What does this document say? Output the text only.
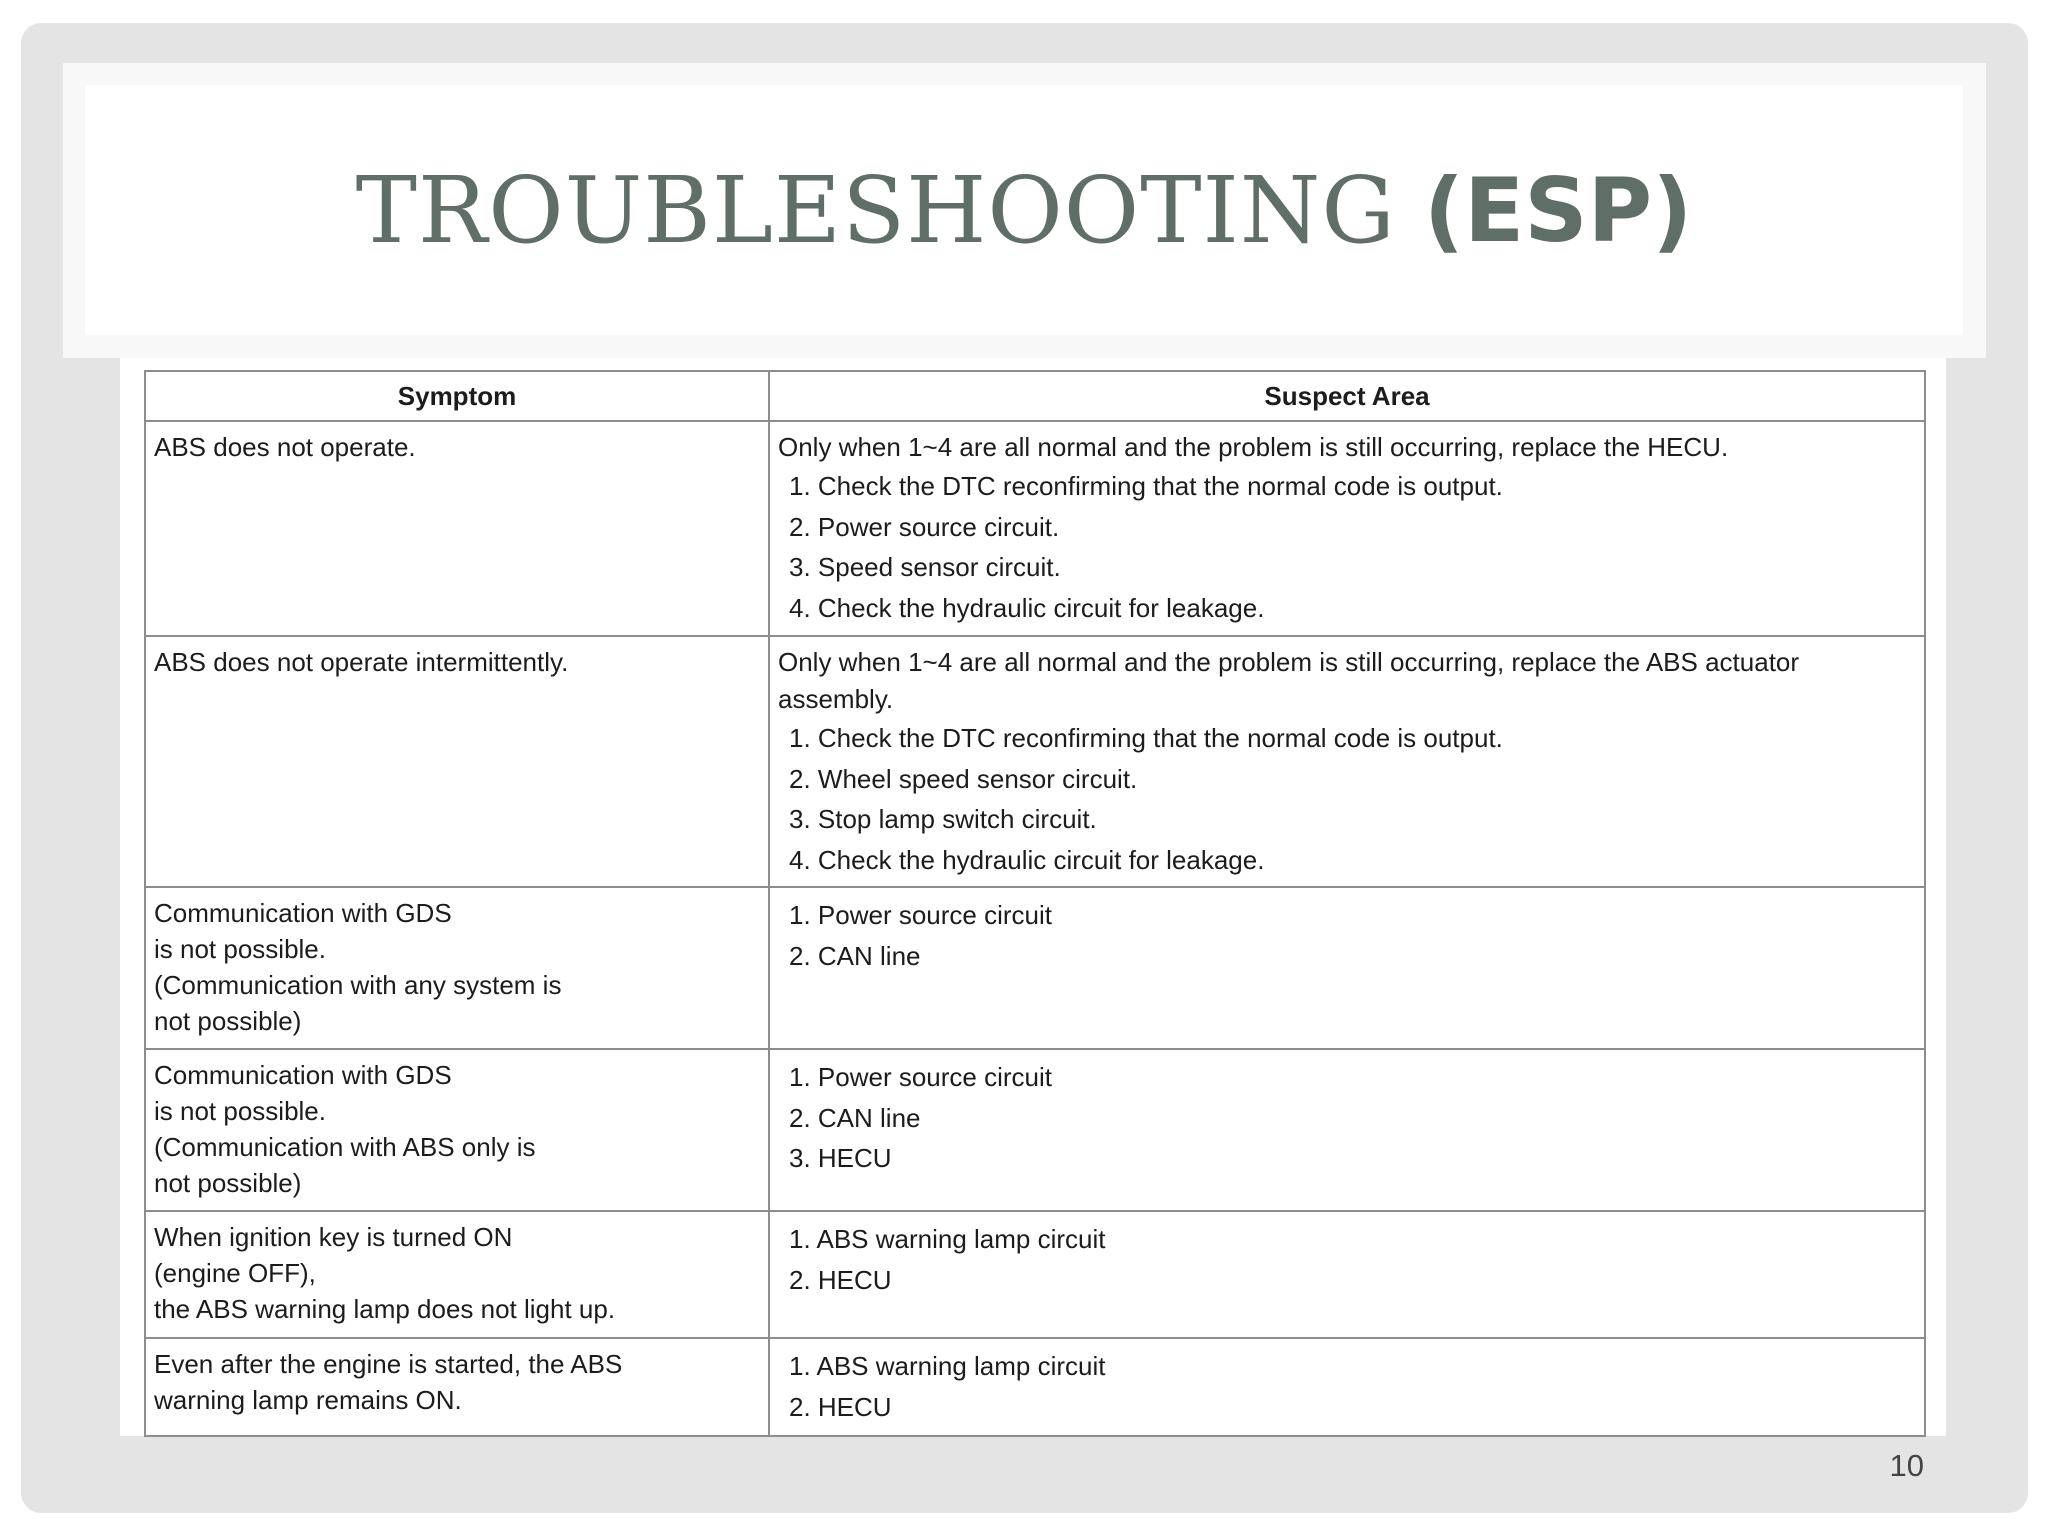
TROUBLESHOOTING (ESP)
Symptom	Suspect Area

ABS does not operate.	Only when 1~4 are all normal and the problem is still occurring, replace the HECU.
1. Check the DTC reconfirming that the normal code is output.
2. Power source circuit.
3. Speed sensor circuit.
4. Check the hydraulic circuit for leakage.

ABS does not operate intermittently.	Only when 1~4 are all normal and the problem is still occurring, replace the ABS actuator assembly.
1. Check the DTC reconfirming that the normal code is output.
2. Wheel speed sensor circuit.
3. Stop lamp switch circuit.
4. Check the hydraulic circuit for leakage.

Communication with GDS
is not possible.
(Communication with any system is
not possible)	1. Power source circuit
2. CAN line

Communication with GDS
is not possible.
(Communication with ABS only is
not possible)	1. Power source circuit
2. CAN line
3. HECU

When ignition key is turned ON
(engine OFF),
the ABS warning lamp does not light up.	1. ABS warning lamp circuit
2. HECU

Even after the engine is started, the ABS
warning lamp remains ON.	1. ABS warning lamp circuit
2. HECU
10
